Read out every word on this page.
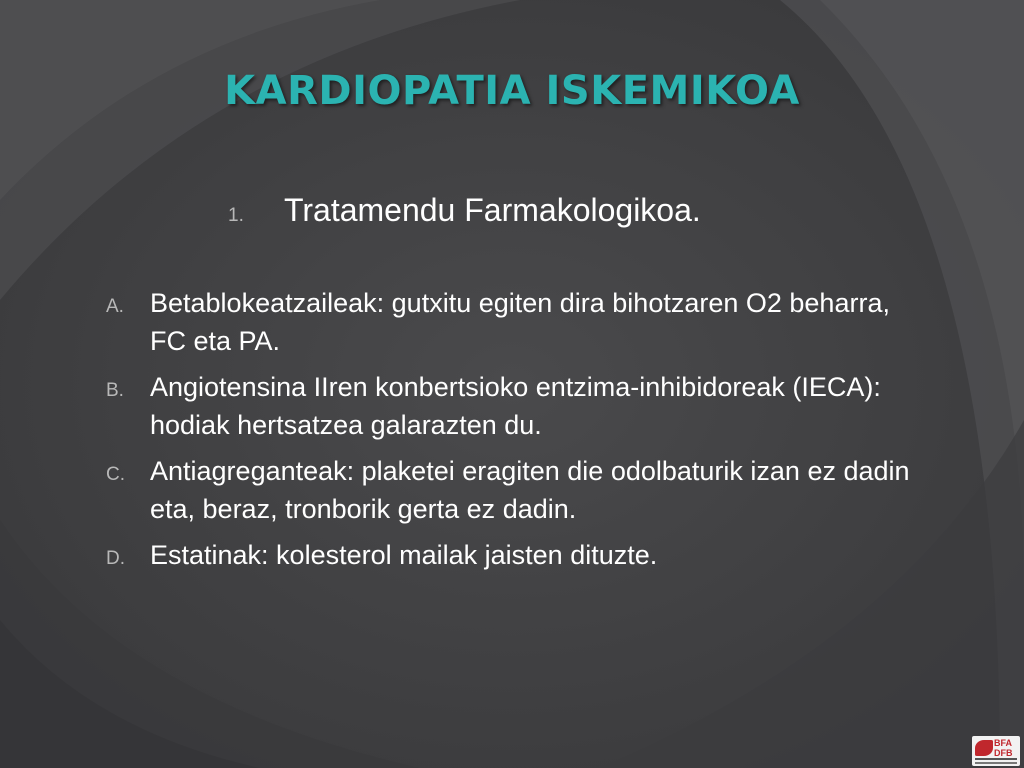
KARDIOPATIA ISKEMIKOA
1.	Tratamendu Farmakologikoa.
A. Betablokeatzaileak: gutxitu egiten dira bihotzaren O2 beharra, FC eta PA.
B. Angiotensina IIren konbertsioko entzima-inhibidoreak (IECA): hodiak hertsatzea galarazten du.
C. Antiagreganteak: plaketei eragiten die odolbaturik izan ez dadin eta, beraz, tronborik gerta ez dadin.
D. Estatinak: kolesterol mailak jaisten dituzte.
BFA
DFB
